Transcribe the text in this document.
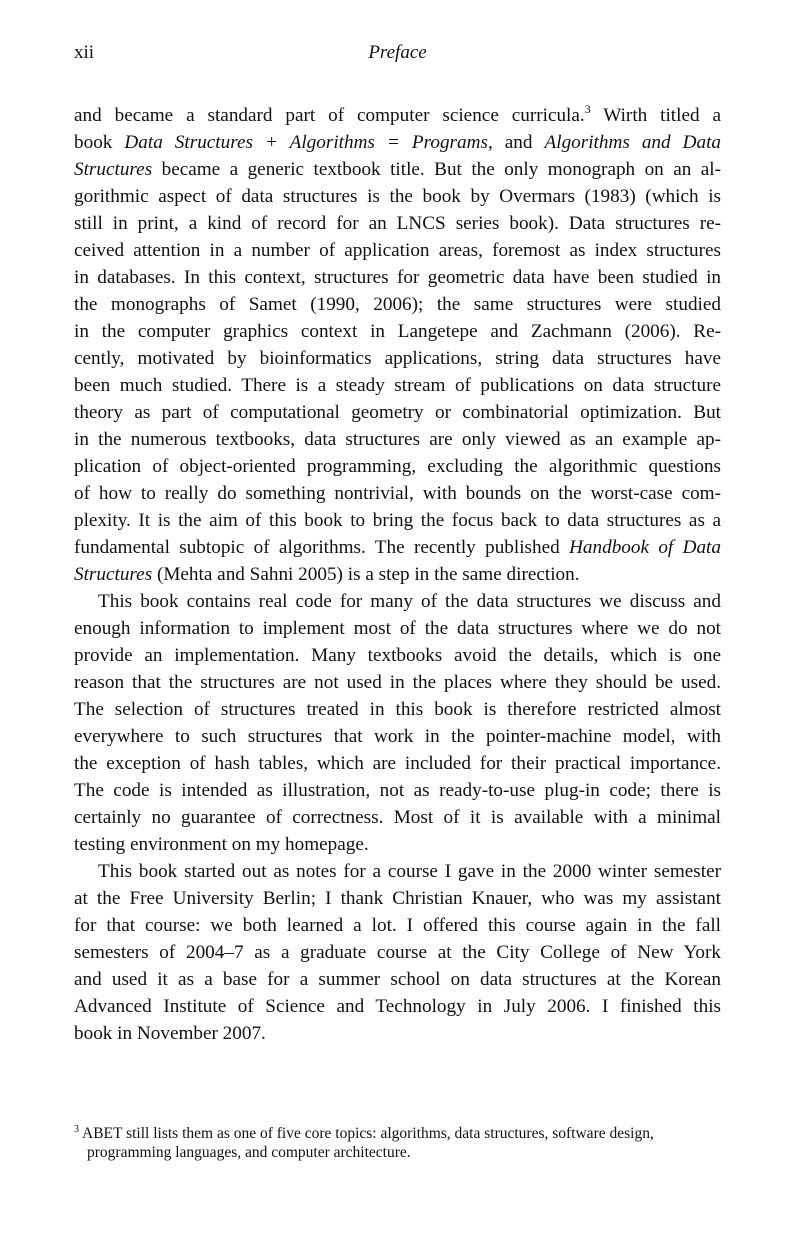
xii	Preface
and became a standard part of computer science curricula.$^3$ Wirth titled a
book Data Structures + Algorithms = Programs, and Algorithms and Data
Structures became a generic textbook title. But the only monograph on an al-
gorithmic aspect of data structures is the book by Overmars (1983) (which is
still in print, a kind of record for an LNCS series book). Data structures re-
ceived attention in a number of application areas, foremost as index structures
in databases. In this context, structures for geometric data have been studied in
the monographs of Samet (1990, 2006); the same structures were studied
in the computer graphics context in Langetepe and Zachmann (2006). Re-
cently, motivated by bioinformatics applications, string data structures have
been much studied. There is a steady stream of publications on data structure
theory as part of computational geometry or combinatorial optimization. But
in the numerous textbooks, data structures are only viewed as an example ap-
plication of object-oriented programming, excluding the algorithmic questions
of how to really do something nontrivial, with bounds on the worst-case com-
plexity. It is the aim of this book to bring the focus back to data structures as a
fundamental subtopic of algorithms. The recently published Handbook of Data
Structures (Mehta and Sahni 2005) is a step in the same direction.
This book contains real code for many of the data structures we discuss and
enough information to implement most of the data structures where we do not
provide an implementation. Many textbooks avoid the details, which is one
reason that the structures are not used in the places where they should be used.
The selection of structures treated in this book is therefore restricted almost
everywhere to such structures that work in the pointer-machine model, with
the exception of hash tables, which are included for their practical importance.
The code is intended as illustration, not as ready-to-use plug-in code; there is
certainly no guarantee of correctness. Most of it is available with a minimal
testing environment on my homepage.
This book started out as notes for a course I gave in the 2000 winter semester
at the Free University Berlin; I thank Christian Knauer, who was my assistant
for that course: we both learned a lot. I offered this course again in the fall
semesters of 2004–7 as a graduate course at the City College of New York
and used it as a base for a summer school on data structures at the Korean
Advanced Institute of Science and Technology in July 2006. I finished this
book in November 2007.
$^3$ ABET still lists them as one of five core topics: algorithms, data structures, software design,
programming languages, and computer architecture.
